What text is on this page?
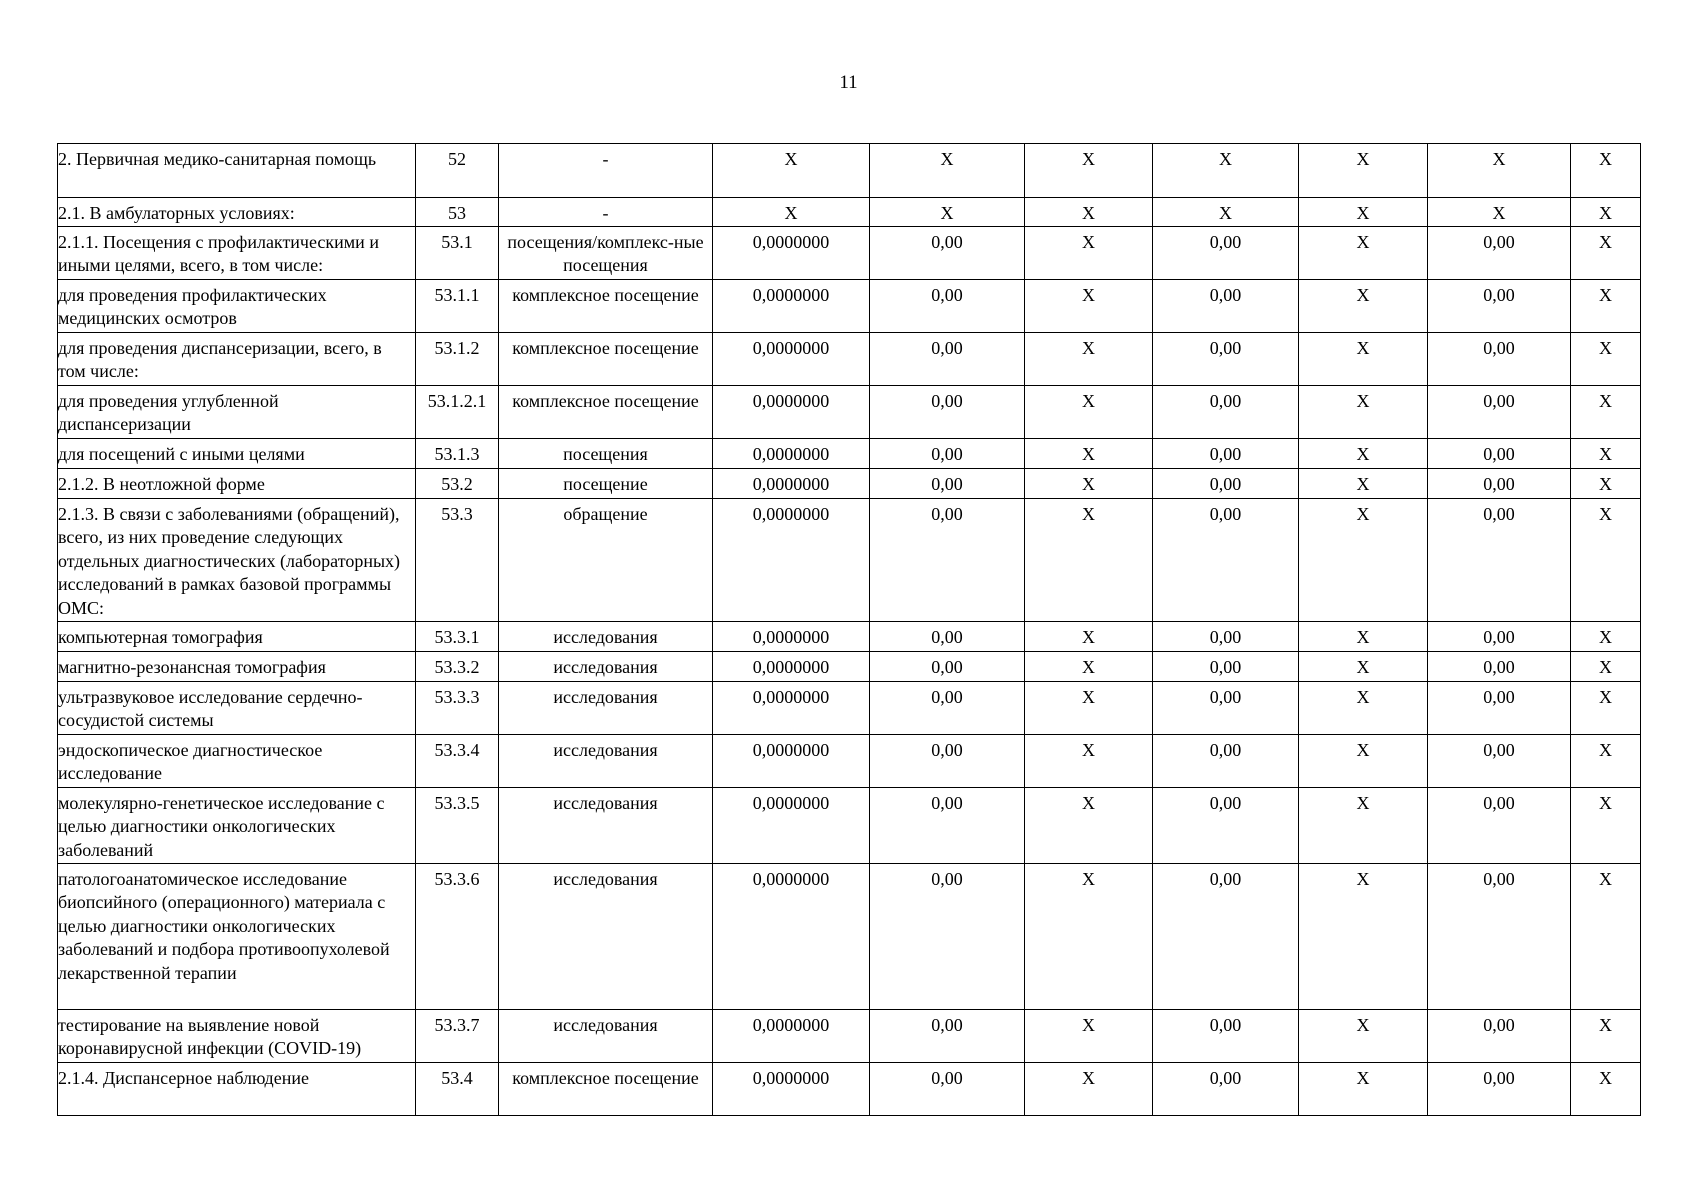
11
2. Первичная медико-санитарная помощь	52	-	Х	Х	Х	Х	Х	Х	Х
2.1. В амбулаторных условиях:	53	-	Х	Х	Х	Х	Х	Х	Х
2.1.1. Посещения с профилактическими и иными целями, всего, в том числе:	53.1	посещения/комплекс-ные посещения	0,0000000	0,00	Х	0,00	Х	0,00	Х
для проведения профилактических медицинских осмотров	53.1.1	комплексное посещение	0,0000000	0,00	Х	0,00	Х	0,00	Х
для проведения диспансеризации, всего, в том числе:	53.1.2	комплексное посещение	0,0000000	0,00	Х	0,00	Х	0,00	Х
для проведения углубленной диспансеризации	53.1.2.1	комплексное посещение	0,0000000	0,00	Х	0,00	Х	0,00	Х
для посещений с иными целями	53.1.3	посещения	0,0000000	0,00	Х	0,00	Х	0,00	Х
2.1.2. В неотложной форме	53.2	посещение	0,0000000	0,00	Х	0,00	Х	0,00	Х
2.1.3. В связи с заболеваниями (обращений), всего, из них проведение следующих отдельных диагностических (лабораторных) исследований в рамках базовой программы ОМС:	53.3	обращение	0,0000000	0,00	Х	0,00	Х	0,00	Х
компьютерная томография	53.3.1	исследования	0,0000000	0,00	Х	0,00	Х	0,00	Х
магнитно-резонансная томография	53.3.2	исследования	0,0000000	0,00	Х	0,00	Х	0,00	Х
ультразвуковое исследование сердечно-сосудистой системы	53.3.3	исследования	0,0000000	0,00	Х	0,00	Х	0,00	Х
эндоскопическое диагностическое исследование	53.3.4	исследования	0,0000000	0,00	Х	0,00	Х	0,00	Х
молекулярно-генетическое исследование с целью диагностики онкологических заболеваний	53.3.5	исследования	0,0000000	0,00	Х	0,00	Х	0,00	Х
патологоанатомическое исследование биопсийного (операционного) материала с целью диагностики онкологических заболеваний и подбора противоопухолевой лекарственной терапии	53.3.6	исследования	0,0000000	0,00	Х	0,00	Х	0,00	Х
тестирование на выявление новой коронавирусной инфекции (COVID-19)	53.3.7	исследования	0,0000000	0,00	Х	0,00	Х	0,00	Х
2.1.4. Диспансерное наблюдение	53.4	комплексное посещение	0,0000000	0,00	Х	0,00	Х	0,00	Х
